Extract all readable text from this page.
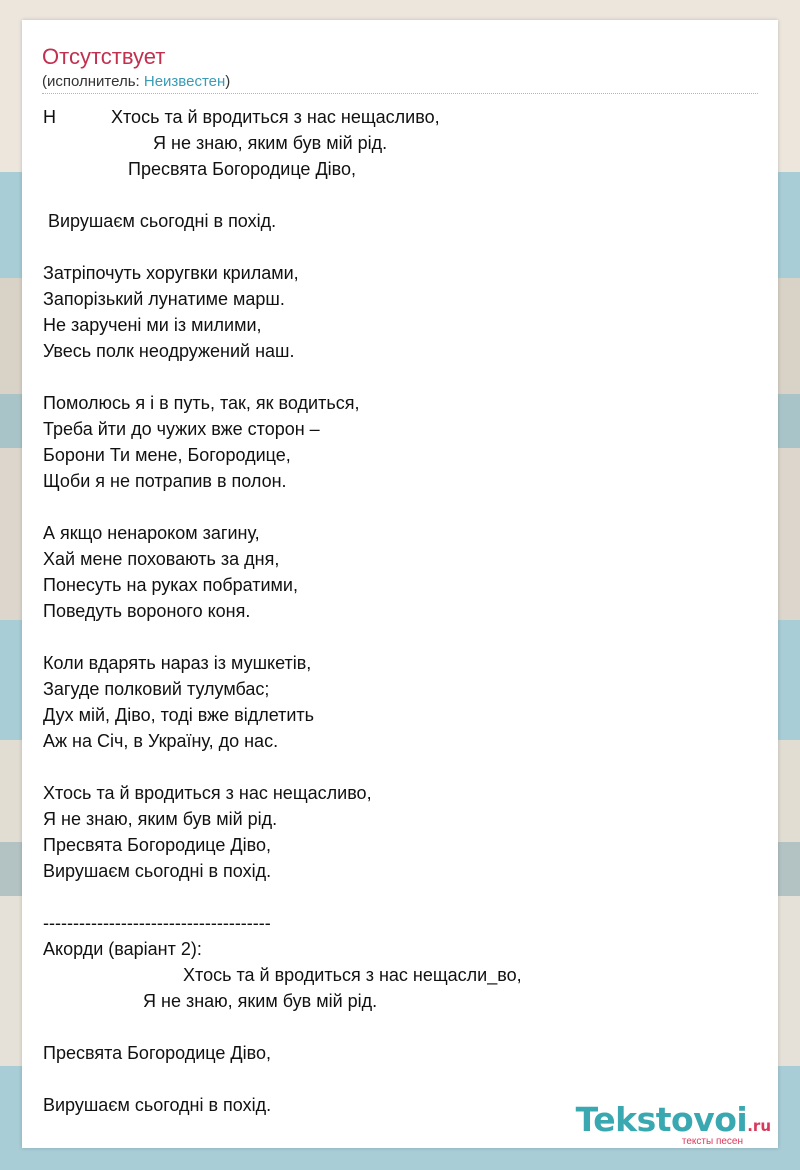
Отсутствует
(исполнитель: Неизвестен)
Н           Хтось та й вродиться з нас нещасливо,
Я не знаю, яким був мій рід.
Пресвята Богородице Діво,
Вирушаєм сьогодні в похід.
Затріпочуть хоругвки крилами,
Запорізький лунатиме марш.
Не заручені ми із милими,
Увесь полк неодружений наш.
Помолюсь я і в путь, так, як водиться,
Треба йти до чужих вже сторон –
Борони Ти мене, Богородице,
Щоби я не потрапив в полон.
А якщо ненароком загину,
Хай мене поховають за дня,
Понесуть на руках побратими,
Поведуть вороного коня.
Коли вдарять нараз із мушкетів,
Загуде полковий тулумбас;
Дух мій, Діво, тоді вже відлетить
Аж на Січ, в Україну, до нас.
Хтось та й вродиться з нас нещасливо,
Я не знаю, яким був мій рід.
Пресвята Богородице Діво,
Вирушаєм сьогодні в похід.
--------------------------------------
Акорди (варіант 2):
Хтось та й вродиться з нас нещасли_во,
Я не знаю, яким був мій рід.
Пресвята Богородице Діво,
Вирушаєм сьогодні в похід.	Tekstovoi.ru
тексты песен
